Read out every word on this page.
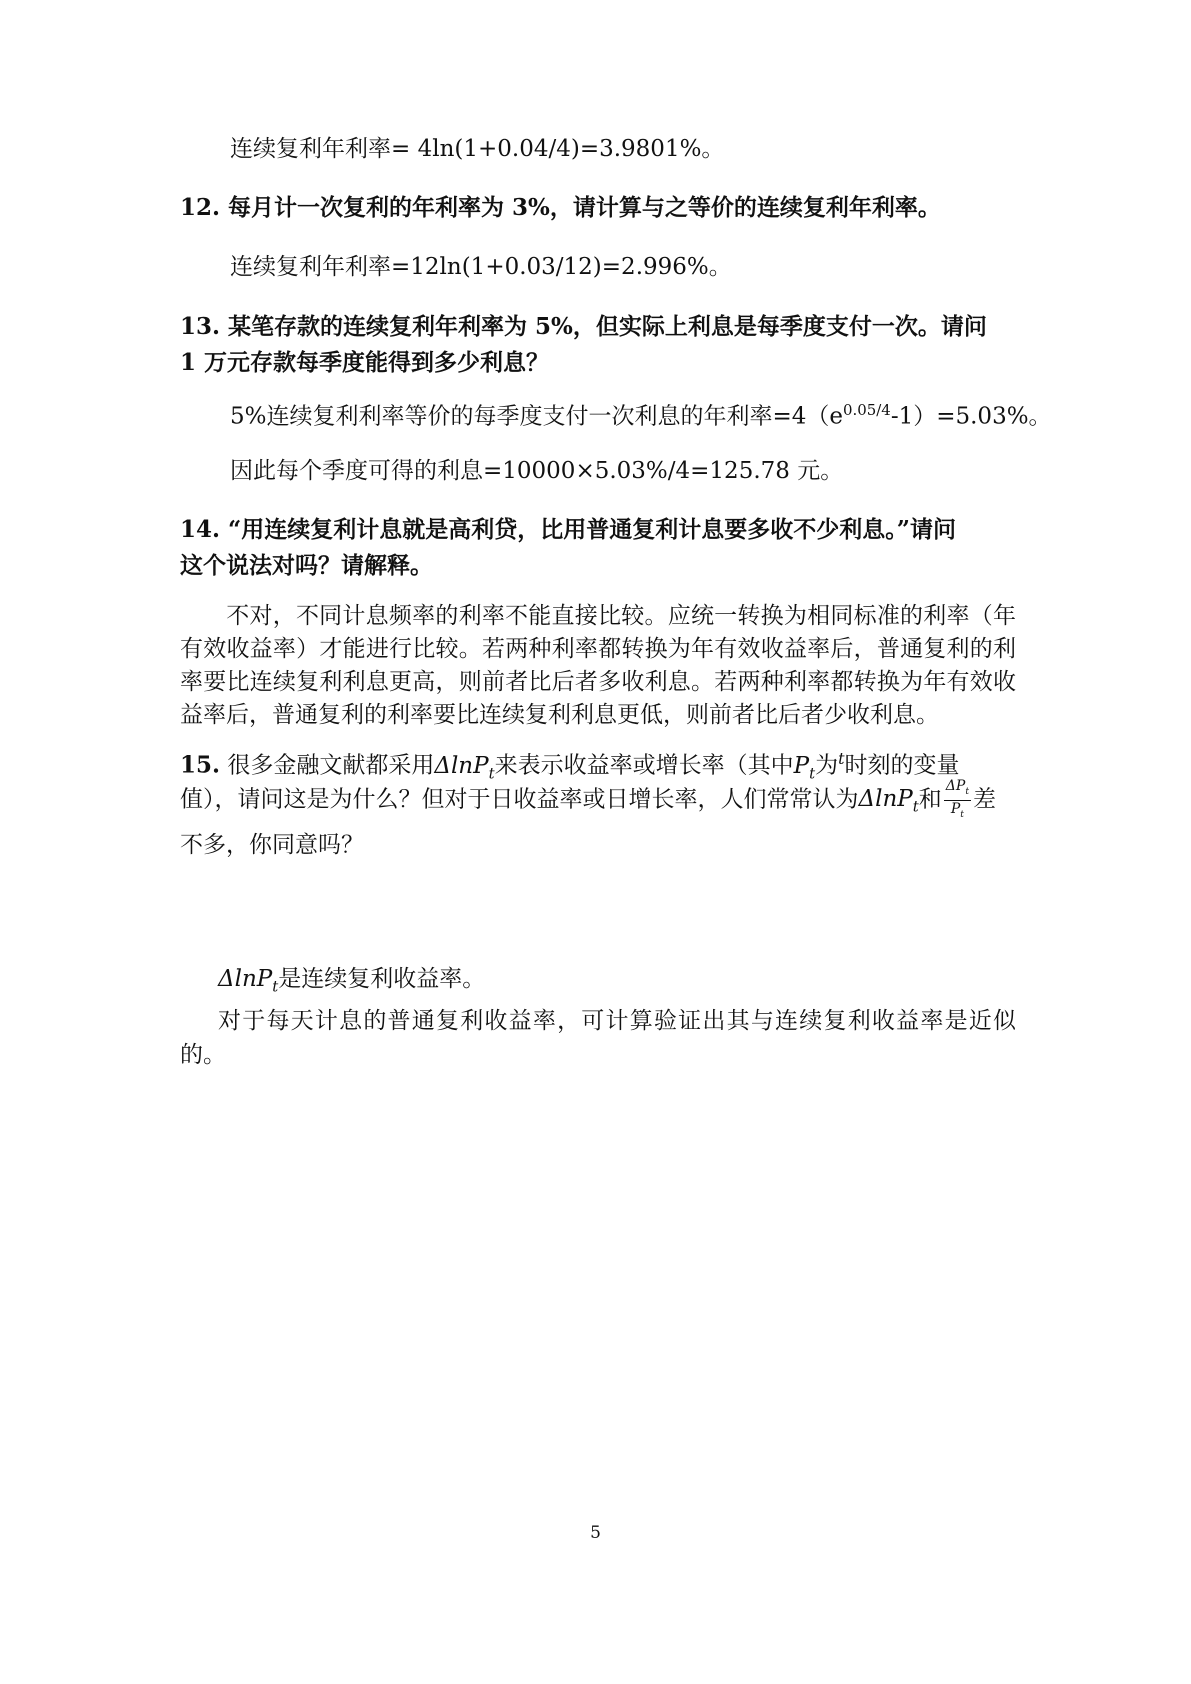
连续复利年利率= 4ln(1+0.04/4)=3.9801%。
12. 每月计一次复利的年利率为 3%，请计算与之等价的连续复利年利率。
连续复利年利率=12ln(1+0.03/12)=2.996%。
13. 某笔存款的连续复利年利率为 5%，但实际上利息是每季度支付一次。请问
1 万元存款每季度能得到多少利息？
5%连续复利利率等价的每季度支付一次利息的年利率$=4(e^{0.05/4}-1)=5.03\%$。
因此每个季度可得的利息=10000×5.03%/4=125.78 元。
14. “用连续复利计息就是高利贷，比用普通复利计息要多收不少利息。”请问
这个说法对吗？请解释。
不对，不同计息频率的利率不能直接比较。应统一转换为相同标准的利率（年有效收益率）才能进行比较。若两种利率都转换为年有效收益率后，普通复利的利率要比连续复利利息更高，则前者比后者多收利息。若两种利率都转换为年有效收益率后，普通复利的利率要比连续复利利息更低，则前者比后者少收利息。
15. 很多金融文献都采用ΔlnP$_t$来表示收益率或增长率（其中$P_t$为$^t$时刻的变量
值），请问这是为什么？但对于日收益率或日增长率，人们常常认为ΔlnP$_t$和 $\frac{\Delta P_t}{P_t}$ 差
不多，你同意吗？
ΔlnP$_t$是连续复利收益率。
对于每天计息的普通复利收益率，可计算验证出其与连续复利收益率是近似的。
5
